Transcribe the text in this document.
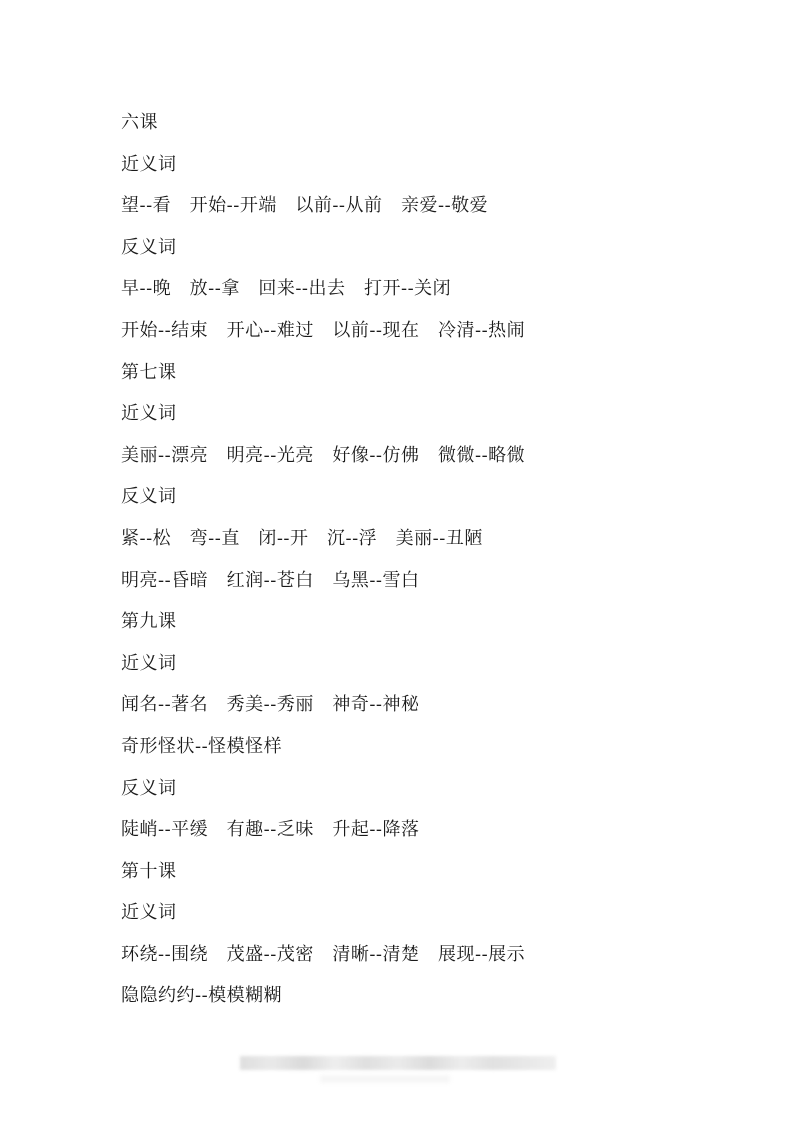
六课
近义词
望--看　开始--开端　以前--从前　亲爱--敬爱
反义词
早--晚　放--拿　回来--出去　打开--关闭
开始--结束　开心--难过　以前--现在　冷清--热闹
第七课
近义词
美丽--漂亮　明亮--光亮　好像--仿佛　微微--略微
反义词
紧--松　弯--直　闭--开　沉--浮　美丽--丑陋
明亮--昏暗　红润--苍白　乌黑--雪白
第九课
近义词
闻名--著名　秀美--秀丽　神奇--神秘
奇形怪状--怪模怪样
反义词
陡峭--平缓　有趣--乏味　升起--降落
第十课
近义词
环绕--围绕　茂盛--茂密　清晰--清楚　展现--展示
隐隐约约--模模糊糊
